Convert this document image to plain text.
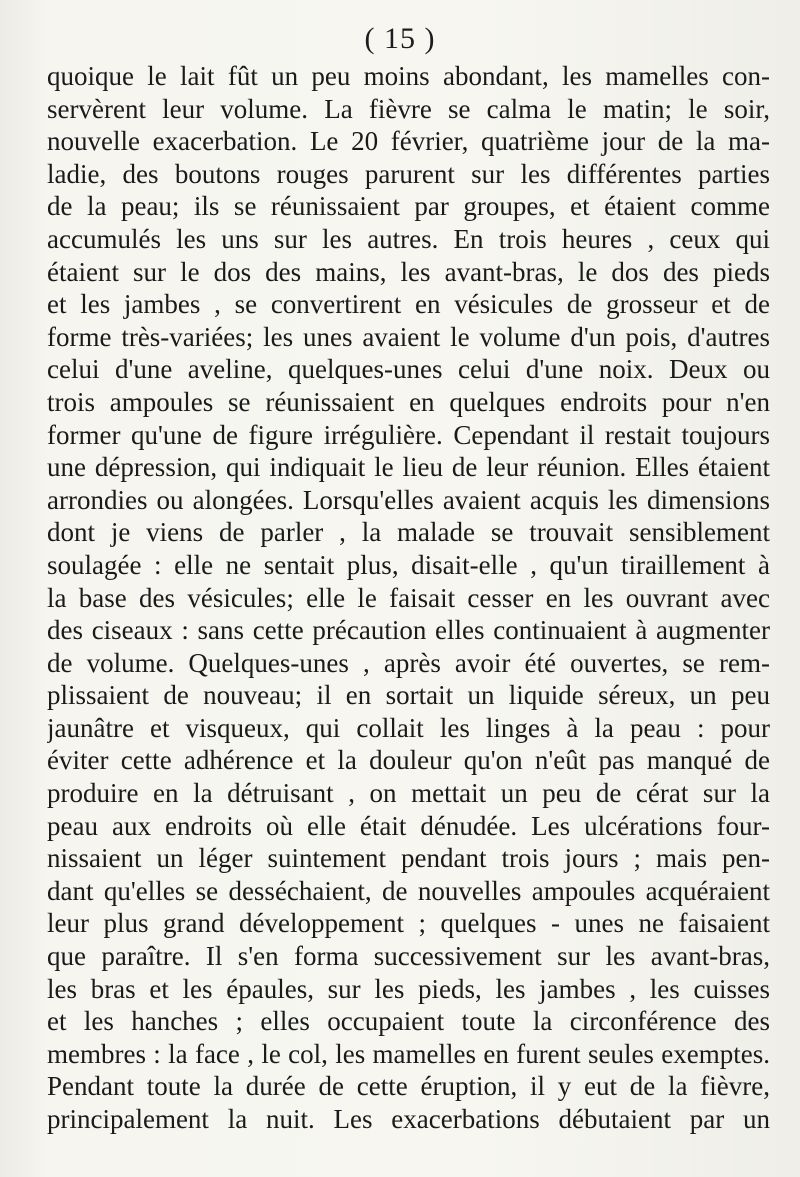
( 15 )
quoique le lait fût un peu moins abondant, les mamelles con-
servèrent leur volume. La fièvre se calma le matin; le soir,
nouvelle exacerbation. Le 20 février, quatrième jour de la ma-
ladie, des boutons rouges parurent sur les différentes parties
de la peau; ils se réunissaient par groupes, et étaient comme
accumulés les uns sur les autres. En trois heures , ceux qui
étaient sur le dos des mains, les avant-bras, le dos des pieds
et les jambes , se convertirent en vésicules de grosseur et de
forme très-variées; les unes avaient le volume d'un pois, d'autres
celui d'une aveline, quelques-unes celui d'une noix. Deux ou
trois ampoules se réunissaient en quelques endroits pour n'en
former qu'une de figure irrégulière. Cependant il restait toujours
une dépression, qui indiquait le lieu de leur réunion. Elles étaient
arrondies ou alongées. Lorsqu'elles avaient acquis les dimensions
dont je viens de parler , la malade se trouvait sensiblement
soulagée : elle ne sentait plus, disait-elle , qu'un tiraillement à
la base des vésicules; elle le faisait cesser en les ouvrant avec
des ciseaux : sans cette précaution elles continuaient à augmenter
de volume. Quelques-unes , après avoir été ouvertes, se rem-
plissaient de nouveau; il en sortait un liquide séreux, un peu
jaunâtre et visqueux, qui collait les linges à la peau : pour
éviter cette adhérence et la douleur qu'on n'eût pas manqué de
produire en la détruisant , on mettait un peu de cérat sur la
peau aux endroits où elle était dénudée. Les ulcérations four-
nissaient un léger suintement pendant trois jours ; mais pen-
dant qu'elles se desséchaient, de nouvelles ampoules acquéraient
leur plus grand développement ; quelques - unes ne faisaient
que paraître. Il s'en forma successivement sur les avant-bras,
les bras et les épaules, sur les pieds, les jambes , les cuisses
et les hanches ; elles occupaient toute la circonférence des
membres : la face , le col, les mamelles en furent seules exemptes.
Pendant toute la durée de cette éruption, il y eut de la fièvre,
principalement la nuit. Les exacerbations débutaient par un
